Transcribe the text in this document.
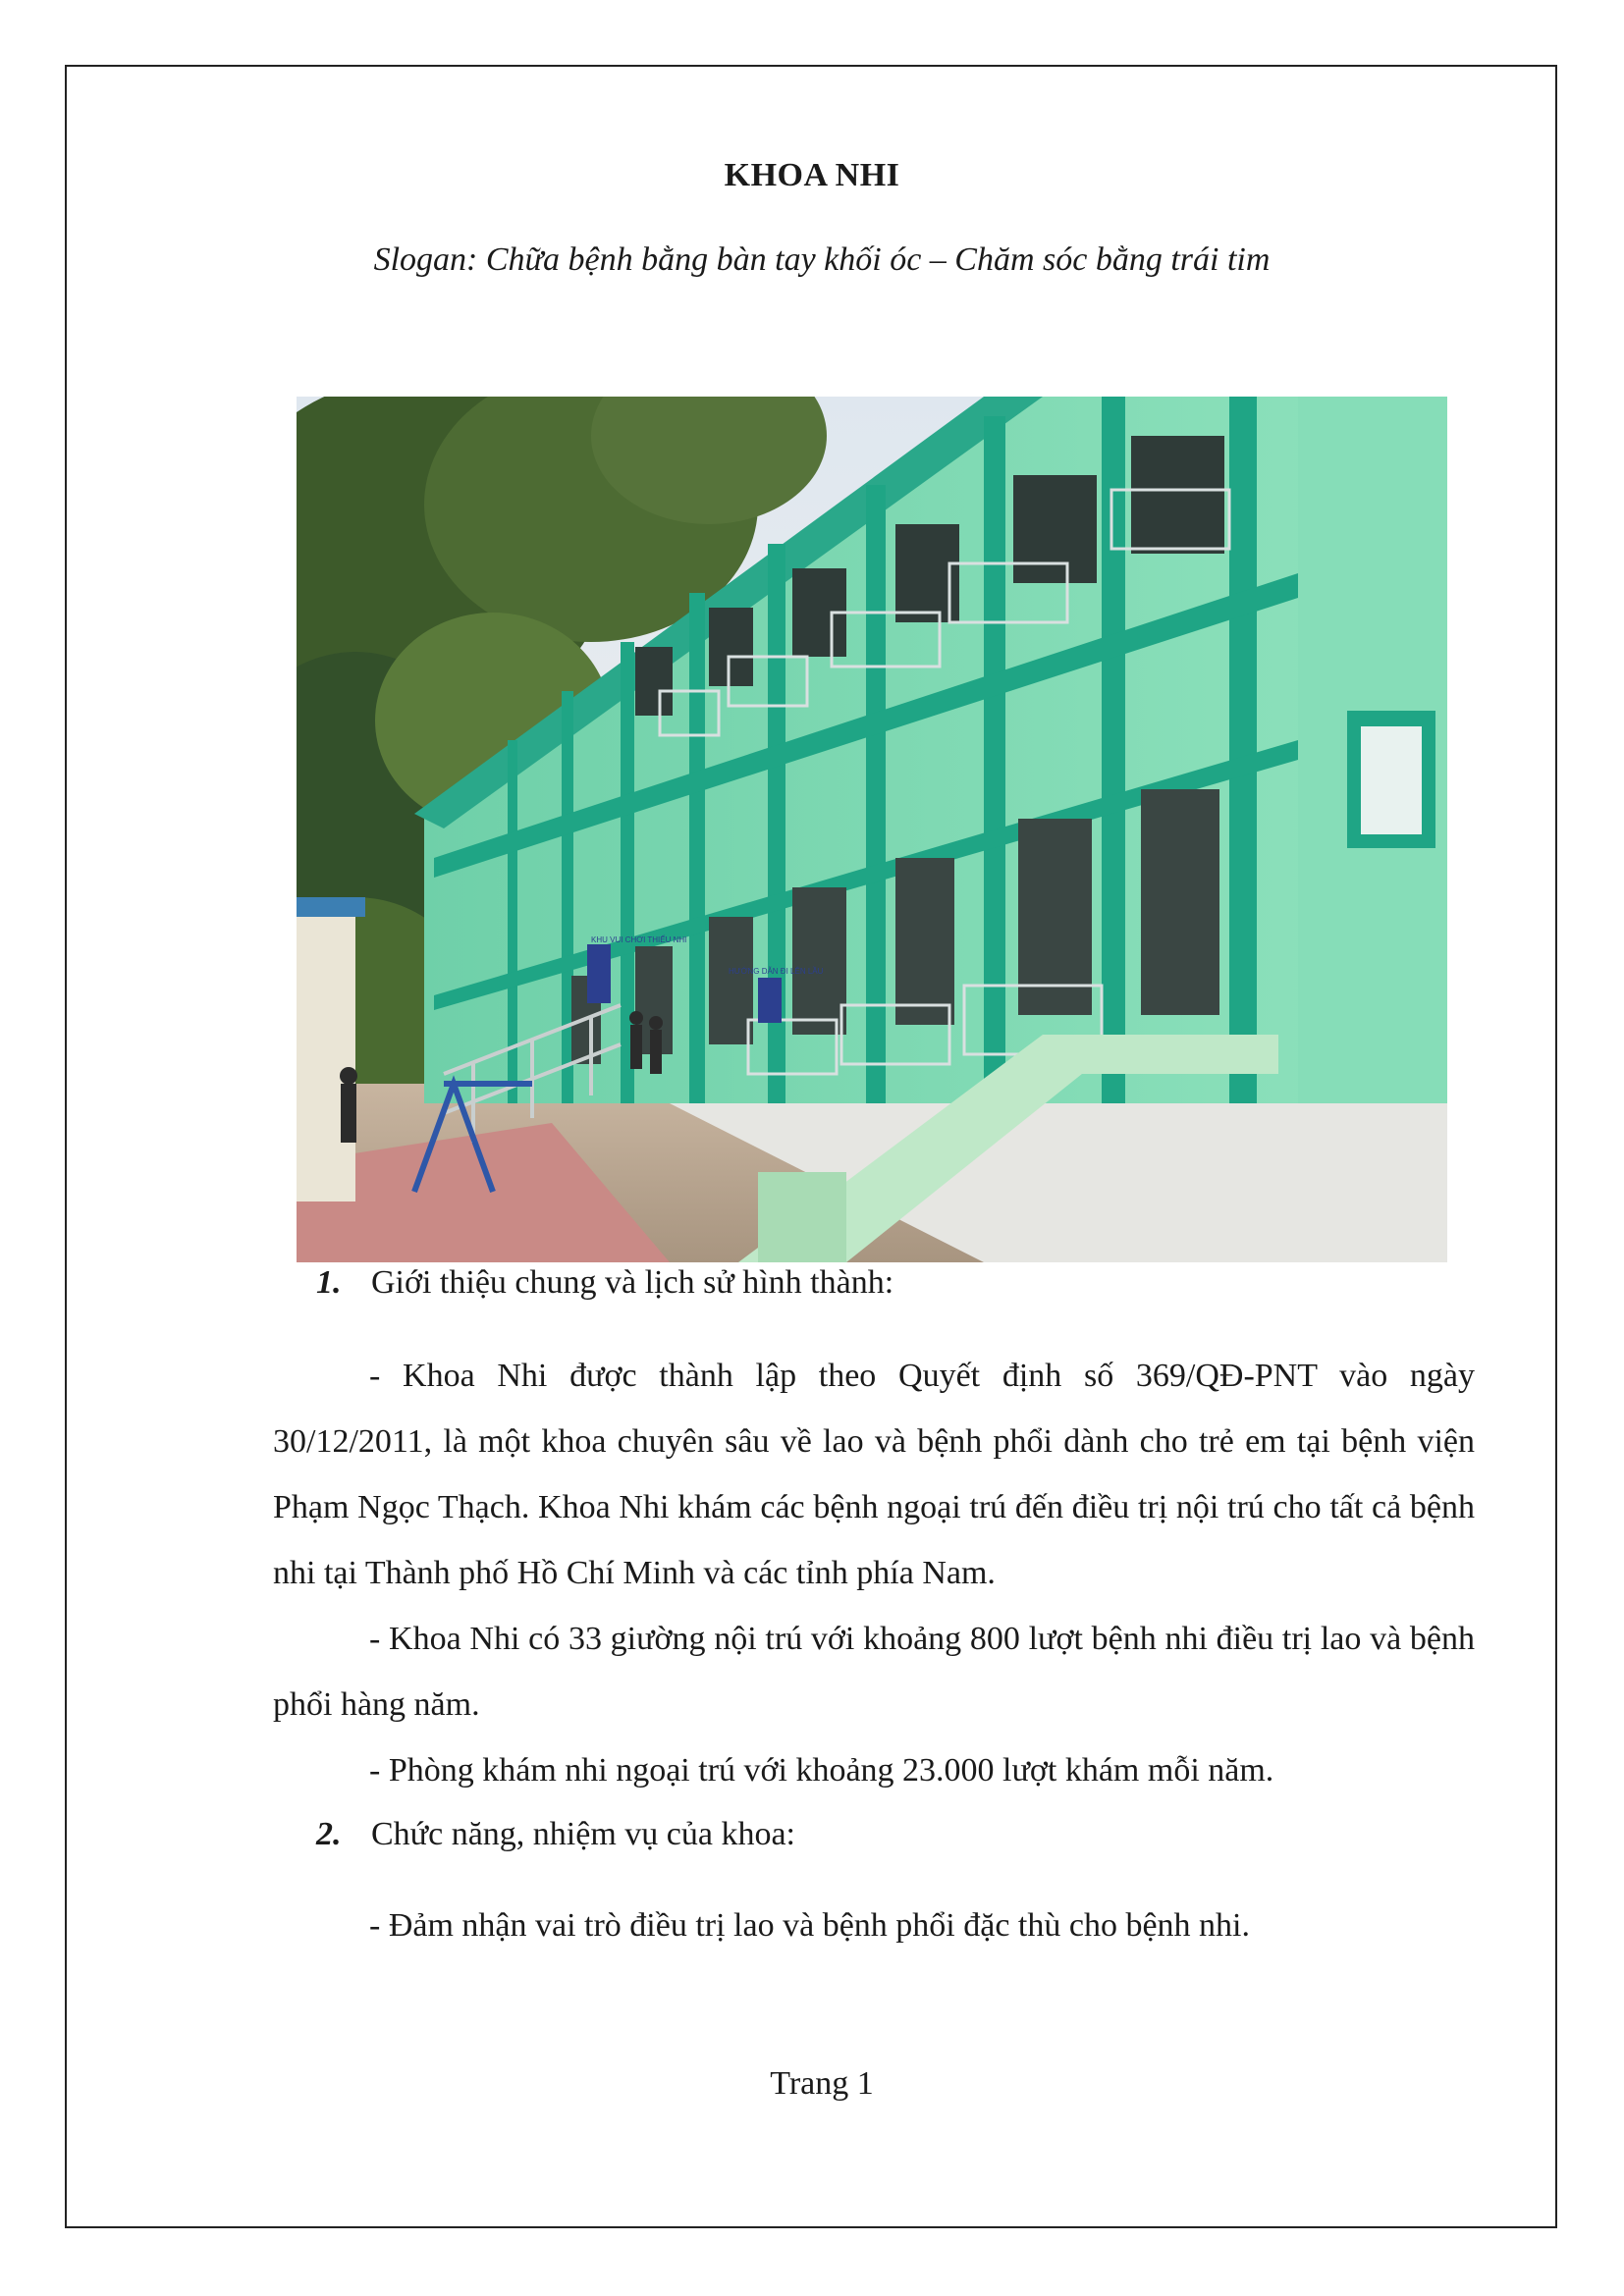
KHOA NHI
Slogan: Chữa bệnh bằng bàn tay khối óc – Chăm sóc bằng trái tim
KHU VUI CHƠI THIẾU NHI
HƯỚNG DẪN ĐI LÊN LẦU
1. Giới thiệu chung và lịch sử hình thành:

- Khoa Nhi được thành lập theo Quyết định số 369/QĐ-PNT vào ngày 30/12/2011, là một khoa chuyên sâu về lao và bệnh phổi dành cho trẻ em tại bệnh viện Phạm Ngọc Thạch. Khoa Nhi khám các bệnh ngoại trú đến điều trị nội trú cho tất cả bệnh nhi tại Thành phố Hồ Chí Minh và các tỉnh phía Nam.

- Khoa Nhi có 33 giường nội trú với khoảng 800 lượt bệnh nhi điều trị lao và bệnh phổi hàng năm.

- Phòng khám nhi ngoại trú với khoảng 23.000 lượt khám mỗi năm.

2. Chức năng, nhiệm vụ của khoa:

- Đảm nhận vai trò điều trị lao và bệnh phổi đặc thù cho bệnh nhi.

Trang 1
